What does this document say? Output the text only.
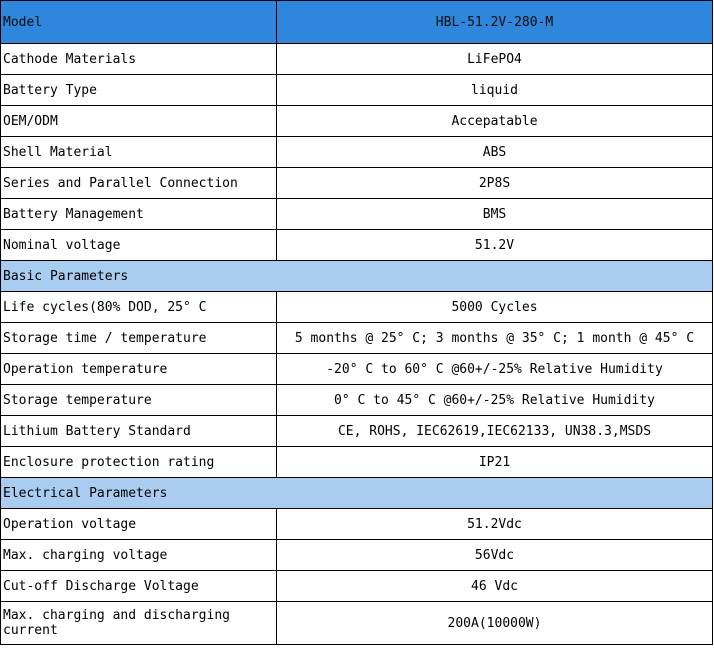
Model	HBL-51.2V-280-M
Cathode Materials	LiFePO4
Battery Type	liquid
OEM/ODM	Accepatable
Shell Material	ABS
Series and Parallel Connection	2P8S
Battery Management	BMS
Nominal voltage	51.2V
Basic Parameters	
Life cycles(80% DOD, 25° C	5000 Cycles
Storage time / temperature	5 months @ 25° C; 3 months @ 35° C; 1 month @ 45° C
Operation temperature	-20° C to 60° C @60+/-25% Relative Humidity
Storage temperature	0° C to 45° C @60+/-25% Relative Humidity
Lithium Battery Standard	CE, ROHS, IEC62619,IEC62133, UN38.3,MSDS
Enclosure protection rating	IP21
Electrical Parameters	
Operation voltage	51.2Vdc
Max. charging voltage	56Vdc
Cut-off Discharge Voltage	46 Vdc
Max. charging and discharging current	200A(10000W)
